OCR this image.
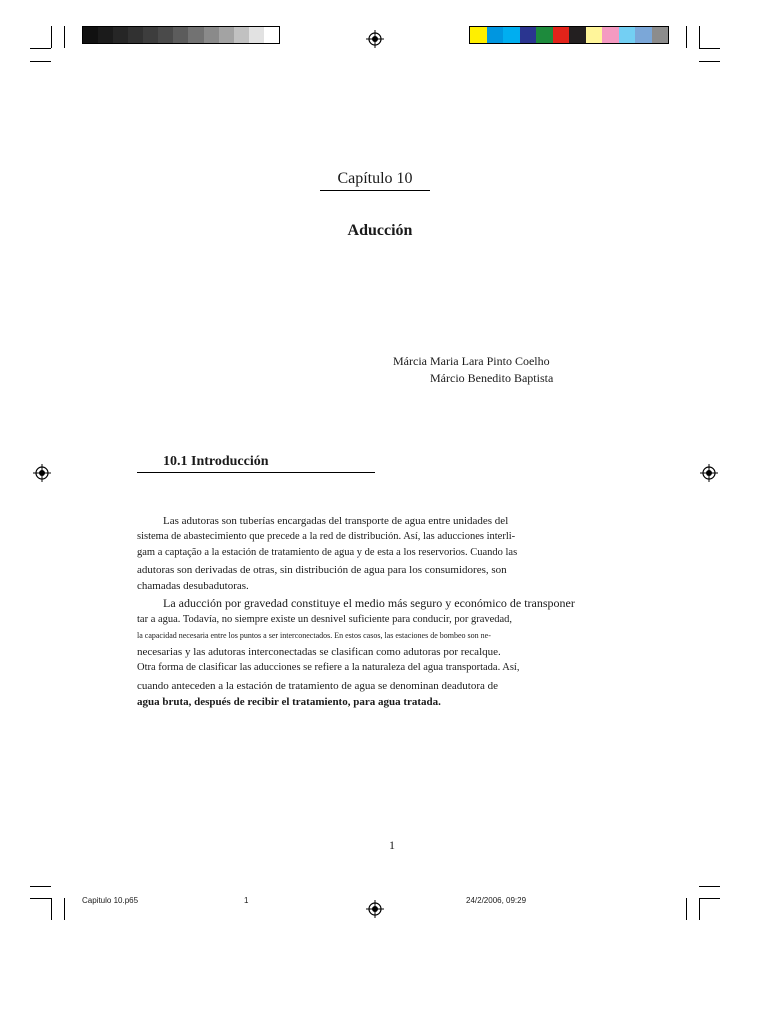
Capítulo 10
Aducción
Márcia Maria Lara Pinto Coelho
Márcio Benedito Baptista
10.1 Introducción
Las adutoras son tuberías encargadas del transporte de agua entre unidades del
sistema de abastecimiento que precede a la red de distribución. Así, las aducciones interli-
gam a captação a la estación de tratamiento de agua y de esta a los reservorios. Cuando las
adutoras son derivadas de otras, sin distribución de agua para los consumidores, son
chamadas desubadutoras.
La aducción por gravedad constituye el medio más seguro y económico de transponer
tar a agua. Todavía, no siempre existe un desnivel suficiente para conducir, por gravedad,
la capacidad necesaria entre los puntos a ser interconectados. En estos casos, las estaciones de bombeo son ne-
necesarias y las adutoras interconectadas se clasifican como adutoras por recalque.
Otra forma de clasificar las aducciones se refiere a la naturaleza del agua transportada. Así,
cuando anteceden a la estación de tratamiento de agua se denominan deadutora de
agua bruta, después de recibir el tratamiento, para agua tratada.
1
Capitulo 10.p65	1	24/2/2006, 09:29
